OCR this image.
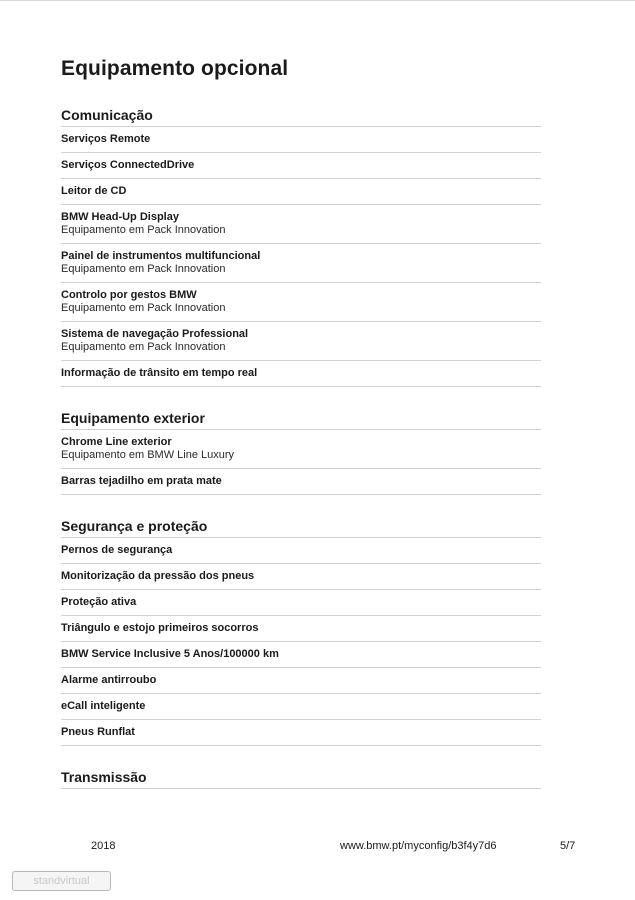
Equipamento opcional
Comunicação
Serviços Remote
Serviços ConnectedDrive
Leitor de CD
BMW Head-Up Display
Equipamento em Pack Innovation
Painel de instrumentos multifuncional
Equipamento em Pack Innovation
Controlo por gestos BMW
Equipamento em Pack Innovation
Sistema de navegação Professional
Equipamento em Pack Innovation
Informação de trânsito em tempo real
Equipamento exterior
Chrome Line exterior
Equipamento em BMW Line Luxury
Barras tejadilho em prata mate
Segurança e proteção
Pernos de segurança
Monitorização da pressão dos pneus
Proteção ativa
Triângulo e estojo primeiros socorros
BMW Service Inclusive 5 Anos/100000 km
Alarme antirroubo
eCall inteligente
Pneus Runflat
Transmissão
2018	www.bmw.pt/myconfig/b3f4y7d6	5/7
standvirtual
